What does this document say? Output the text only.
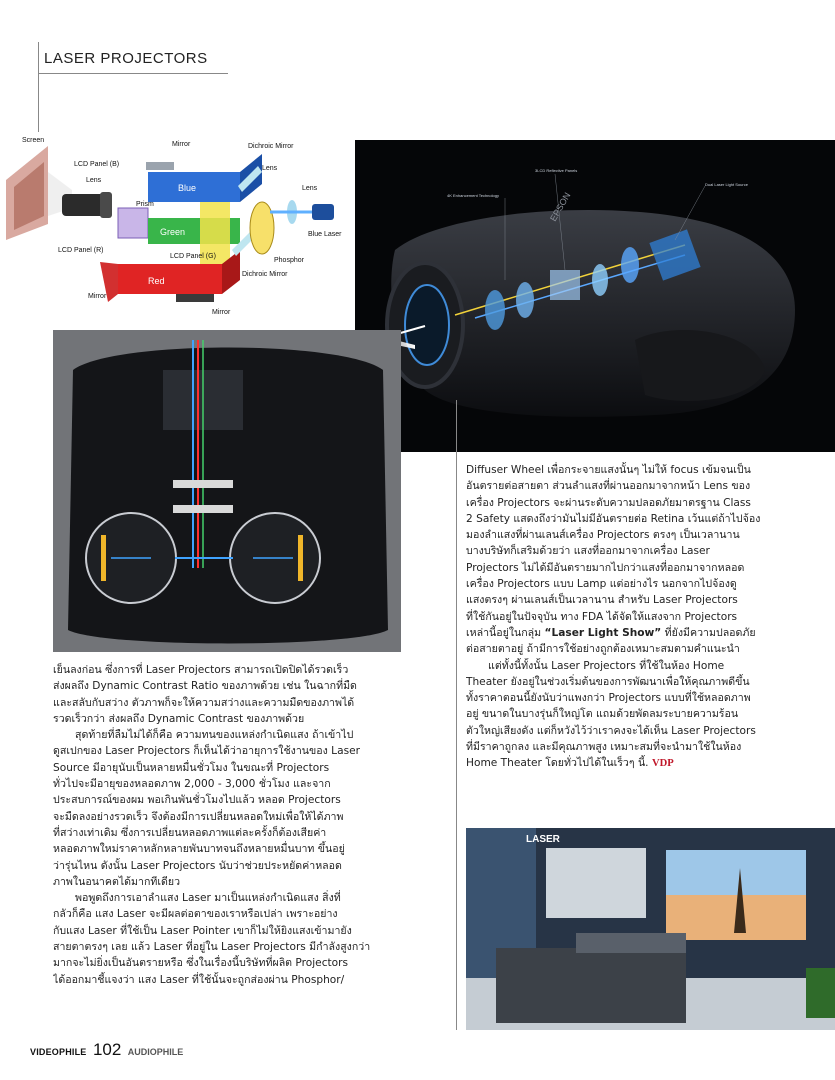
LASER PROJECTORS
Screen
Mirror	Dichroic Mirror
LCD Panel (B)
Lens
Blue
Lens
Lens
Prism
Green	Blue Laser
LCD Panel (R)
LCD Panel (G)
Phosphor
Dichroic Mirror
Red
Mirror
Mirror
4K Enhancement Technology
3LCD Reflective Panels
Dual Laser Light Source
EPSON
LASER
เย็นลงก่อน ซึ่งการที่ Laser Projectors สามารถเปิดปิดได้รวดเร็ว
ส่งผลถึง Dynamic Contrast Ratio ของภาพด้วย เช่น ในฉากที่มืด
และสลับกับสว่าง ตัวภาพก็จะให้ความสว่างและความมืดของภาพได้
รวดเร็วกว่า ส่งผลถึง Dynamic Contrast ของภาพด้วย
สุดท้ายที่ลืมไม่ได้ก็คือ ความทนของแหล่งกำเนิดแสง ถ้าเข้าไป
ดูสเปกของ Laser Projectors ก็เห็นได้ว่าอายุการใช้งานของ Laser
Source มีอายุนับเป็นหลายหมื่นชั่วโมง ในขณะที่ Projectors
ทั่วไปจะมีอายุของหลอดภาพ 2,000 - 3,000 ชั่วโมง และจาก
ประสบการณ์ของผม พอเกินพันชั่วโมงไปแล้ว หลอด Projectors
จะมืดลงอย่างรวดเร็ว จึงต้องมีการเปลี่ยนหลอดใหม่เพื่อให้ได้ภาพ
ที่สว่างเท่าเดิม ซึ่งการเปลี่ยนหลอดภาพแต่ละครั้งก็ต้องเสียค่า
หลอดภาพใหม่ราคาหลักหลายพันบาทจนถึงหลายหมื่นบาท ขึ้นอยู่
ว่ารุ่นไหน ดังนั้น Laser Projectors นับว่าช่วยประหยัดค่าหลอด
ภาพในอนาคตได้มากทีเดียว
พอพูดถึงการเอาลำแสง Laser มาเป็นแหล่งกำเนิดแสง สิ่งที่
กลัวก็คือ แสง Laser จะมีผลต่อตาของเราหรือเปล่า เพราะอย่าง
กับแสง Laser ที่ใช้เป็น Laser Pointer เขาก็ไม่ให้ยิงแสงเข้ามายัง
สายตาตรงๆ เลย แล้ว Laser ที่อยู่ใน Laser Projectors มีกำลังสูงกว่า
มากจะไม่ยิ่งเป็นอันตรายหรือ ซึ่งในเรื่องนี้บริษัทที่ผลิต Projectors
ได้ออกมาชี้แจงว่า แสง Laser ที่ใช้นั้นจะถูกส่องผ่าน Phosphor/
Diffuser Wheel เพื่อกระจายแสงนั้นๆ ไม่ให้ focus เข้มจนเป็น
อันตรายต่อสายตา ส่วนลำแสงที่ผ่านออกมาจากหน้า Lens ของ
เครื่อง Projectors จะผ่านระดับความปลอดภัยมาตรฐาน Class
2 Safety แสดงถึงว่ามันไม่มีอันตรายต่อ Retina เว้นแต่ถ้าไปจ้อง
มองลำแสงที่ผ่านเลนส์เครื่อง Projectors ตรงๆ เป็นเวลานาน
บางบริษัทก็เสริมด้วยว่า แสงที่ออกมาจากเครื่อง Laser
Projectors ไม่ได้มีอันตรายมากไปกว่าแสงที่ออกมาจากหลอด
เครื่อง Projectors แบบ Lamp แต่อย่างไร นอกจากไปจ้องดู
แสงตรงๆ ผ่านเลนส์เป็นเวลานาน สำหรับ Laser Projectors
ที่ใช้กันอยู่ในปัจจุบัน ทาง FDA ได้จัดให้แสงจาก Projectors
เหล่านี้อยู่ในกลุ่ม “Laser Light Show” ที่ยังมีความปลอดภัย
ต่อสายตาอยู่ ถ้ามีการใช้อย่างถูกต้องเหมาะสมตามคำแนะนำ
แต่ทั้งนี้ทั้งนั้น Laser Projectors ที่ใช้ในห้อง Home
Theater ยังอยู่ในช่วงเริ่มต้นของการพัฒนาเพื่อให้คุณภาพดีขึ้น
ทั้งราคาตอนนี้ยังนับว่าแพงกว่า Projectors แบบที่ใช้หลอดภาพ
อยู่ ขนาดในบางรุ่นก็ใหญ่โต แถมด้วยพัดลมระบายความร้อน
ตัวใหญ่เสียงดัง แต่ก็หวังไว้ว่าเราคงจะได้เห็น Laser Projectors
ที่มีราคาถูกลง และมีคุณภาพสูง เหมาะสมที่จะนำมาใช้ในห้อง
Home Theater โดยทั่วไปได้ในเร็วๆ นี้. VDP
VIDEOPHILE 102 AUDIOPHILE
